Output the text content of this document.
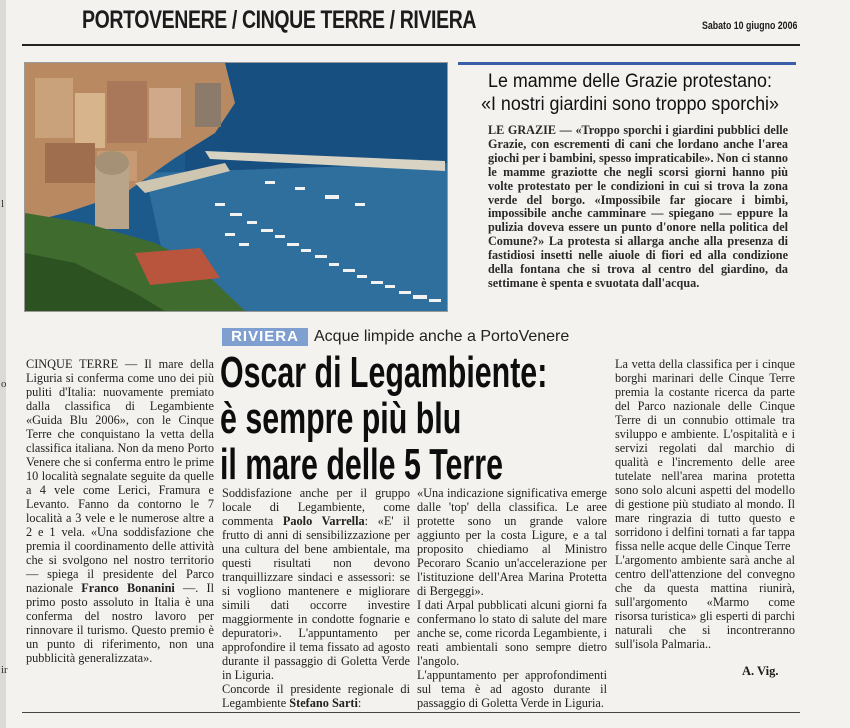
l
o
ir
PORTOVENERE / CINQUE TERRE / RIVIERA	Sabato 10 giugno 2006
Le mamme delle Grazie protestano:
«I nostri giardini sono troppo sporchi»
LE GRAZIE — «Troppo sporchi i giardini pubblici delle Grazie, con escrementi di cani che lordano anche l'area giochi per i bambini, spesso impraticabile». Non ci stanno le mamme graziotte che negli scorsi giorni hanno più volte protestato per le condizioni in cui si trova la zona verde del borgo. «Impossibile far giocare i bimbi, impossibile anche camminare — spiegano — eppure la pulizia doveva essere un punto d'onore nella politica del Comune?» La protesta si allarga anche alla presenza di fastidiosi insetti nelle aiuole di fiori ed alla condizione della fontana che si trova al centro del giardino, da settimane è spenta e svuotata dall'acqua.
RIVIERA Acque limpide anche a PortoVenere
Oscar di Legambiente:
è sempre più blu
il mare delle 5 Terre
CINQUE TERRE — Il mare della Liguria si conferma come uno dei più puliti d'Italia: nuovamente premiato dalla classifica di Legambiente «Guida Blu 2006», con le Cinque Terre che conquistano la vetta della classifica italiana. Non da meno Porto Venere che si conferma entro le prime 10 località segnalate seguite da quelle a 4 vele come Lerici, Framura e Levanto. Fanno da contorno le 7 località a 3 vele e le numerose altre a 2 e 1 vela. «Una soddisfazione che premia il coordinamento delle attività che si svolgono nel nostro territorio — spiega il presidente del Parco nazionale Franco Bonanini —. Il primo posto assoluto in Italia è una conferma del nostro lavoro per rinnovare il turismo. Questo premio è un punto di riferimento, non una pubblicità generalizzata».
Soddisfazione anche per il gruppo locale di Legambiente, come commenta Paolo Varrella: «E' il frutto di anni di sensibilizzazione per una cultura del bene ambientale, ma questi risultati non devono tranquillizzare sindaci e assessori: se si vogliono mantenere e migliorare simili dati occorre investire maggiormente in condotte fognarie e depuratori». L'appuntamento per approfondire il tema fissato ad agosto durante il passaggio di Goletta Verde in Liguria.
Concorde il presidente regionale di Legambiente Stefano Sarti:
«Una indicazione significativa emerge dalle 'top' della classifica. Le aree protette sono un grande valore aggiunto per la costa Ligure, e a tal proposito chiediamo al Ministro Pecoraro Scanio un'accelerazione per l'istituzione dell'Area Marina Protetta di Bergeggi».
I dati Arpal pubblicati alcuni giorni fa confermano lo stato di salute del mare anche se, come ricorda Legambiente, i reati ambientali sono sempre dietro l'angolo.
L'appuntamento per approfondimenti sul tema è ad agosto durante il passaggio di Goletta Verde in Liguria.
La vetta della classifica per i cinque borghi marinari delle Cinque Terre premia la costante ricerca da parte del Parco nazionale delle Cinque Terre di un connubio ottimale tra sviluppo e ambiente. L'ospitalità e i servizi regolati dal marchio di qualità e l'incremento delle aree tutelate nell'area marina protetta sono solo alcuni aspetti del modello di gestione più studiato al mondo. Il mare ringrazia di tutto questo e sorridono i delfini tornati a far tappa fissa nelle acque delle Cinque Terre
L'argomento ambiente sarà anche al centro dell'attenzione del convegno che da questa mattina riunirà, sull'argomento «Marmo come risorsa turistica» gli esperti di parchi naturali che si incontreranno sull'isola Palmaria..
A. Vig.
